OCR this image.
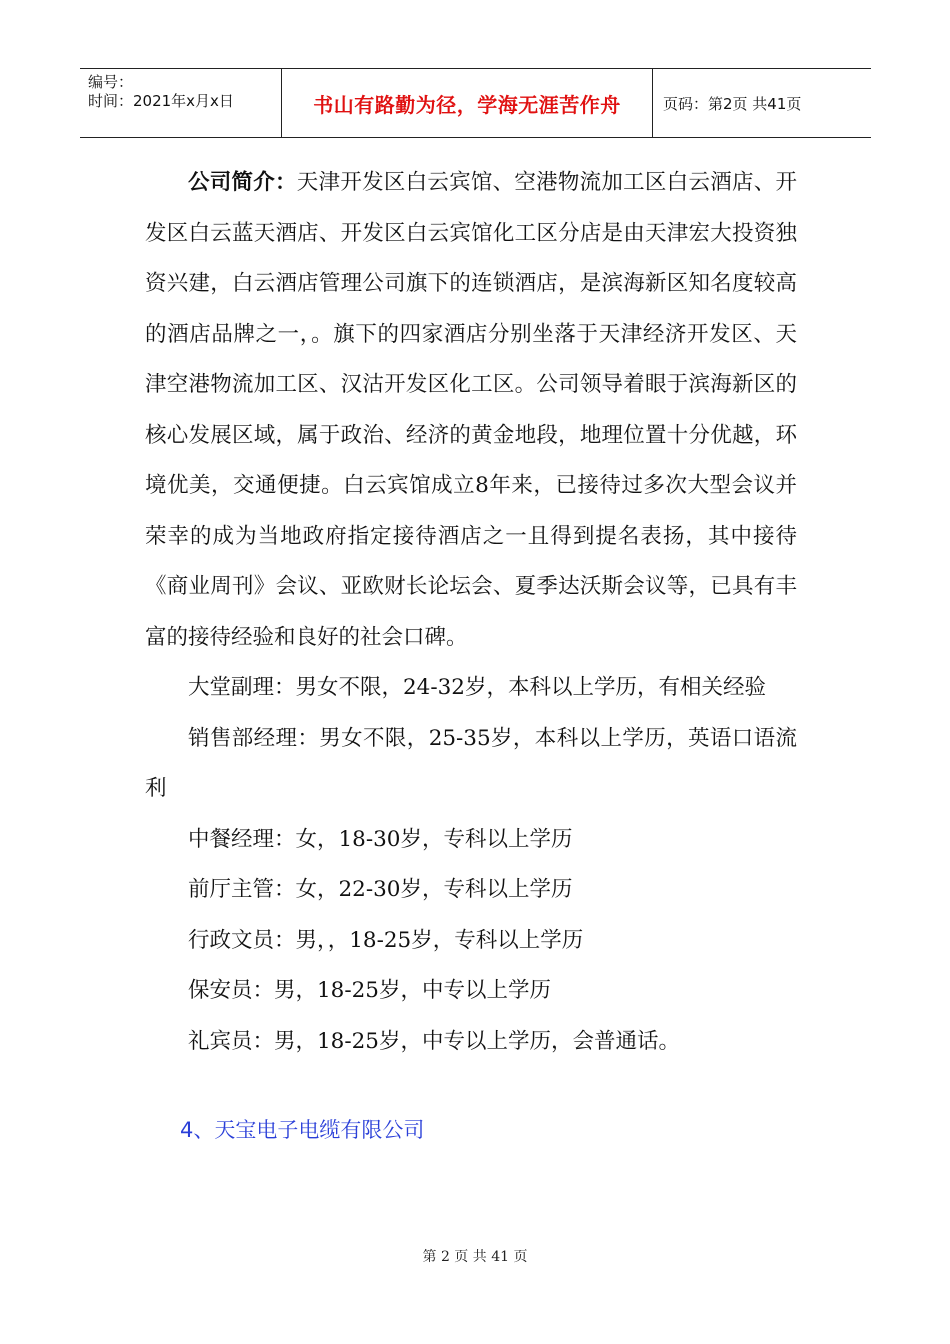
编号：
时间：2021年x月x日	书山有路勤为径，学海无涯苦作舟	页码：第2页 共41页

公司简介：天津开发区白云宾馆、空港物流加工区白云酒店、开发区白云蓝天酒店、开发区白云宾馆化工区分店是由天津宏大投资独资兴建，白云酒店管理公司旗下的连锁酒店，是滨海新区知名度较高的酒店品牌之一，。旗下的四家酒店分别坐落于天津经济开发区、天津空港物流加工区、汉沽开发区化工区。公司领导着眼于滨海新区的核心发展区域，属于政治、经济的黄金地段，地理位置十分优越，环境优美，交通便捷。白云宾馆成立8年来，已接待过多次大型会议并荣幸的成为当地政府指定接待酒店之一且得到提名表扬，其中接待《商业周刊》会议、亚欧财长论坛会、夏季达沃斯会议等，已具有丰富的接待经验和良好的社会口碑。

大堂副理：男女不限，24-32岁，本科以上学历，有相关经验

销售部经理：男女不限，25-35岁，本科以上学历，英语口语流利

中餐经理：女，18-30岁，专科以上学历

前厅主管：女，22-30岁，专科以上学历

行政文员：男，，18-25岁，专科以上学历

保安员：男，18-25岁，中专以上学历

礼宾员：男，18-25岁，中专以上学历，会普通话。

4、天宝电子电缆有限公司
第 2 页 共 41 页
